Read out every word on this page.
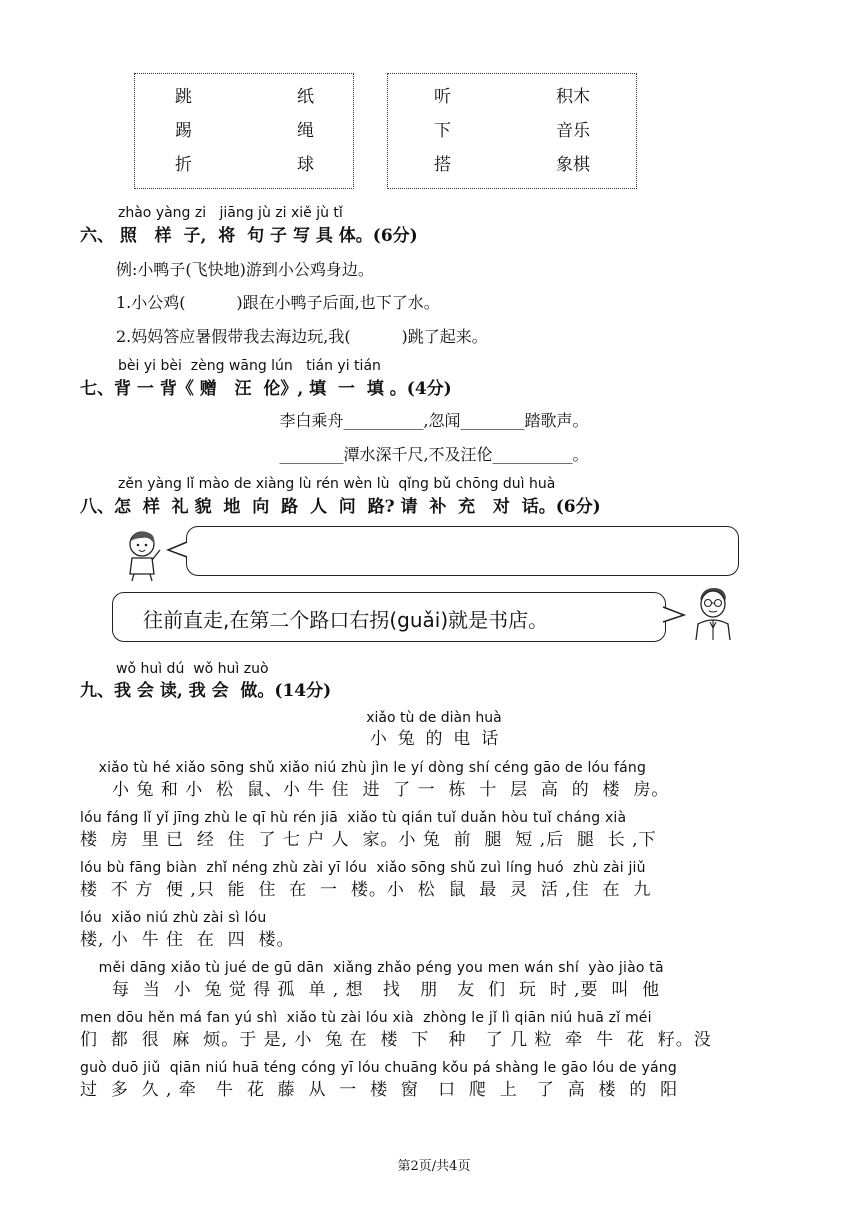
跳	纸
踢	绳
折	球
听	积木
下	音乐
搭	象棋
zhào yàng zi   jiāng jù zi xiě jù tǐ
六、 照   样  子,  将  句 子 写 具 体。(6分)
例:小鸭子(飞快地)游到小公鸡身边。
1.小公鸡(          )跟在小鸭子后面,也下了水。
2.妈妈答应暑假带我去海边玩,我(          )跳了起来。
bèi yi bèi  zèng wāng lún   tián yi tián
七、背 一 背《 赠   汪  伦》, 填  一  填 。(4分)
李白乘舟__________,忽闻________踏歌声。
________潭水深千尺,不及汪伦__________。
zěn yàng lǐ mào de xiàng lù rén wèn lù  qǐng bǔ chōng duì huà
八、怎  样  礼 貌  地  向  路  人  问  路? 请  补  充   对  话。(6分)
往前直走,在第二个路口右拐(guǎi)就是书店。
wǒ huì dú  wǒ huì zuò
九、我 会 读, 我 会  做。(14分)
xiǎo tù de diàn huà
小  兔  的  电  话
xiǎo tù hé xiǎo sōng shǔ xiǎo niú zhù jìn le yí dòng shí céng gāo de lóu fáng
小 兔 和 小  松  鼠、小 牛 住  进  了 一  栋  十  层  高  的  楼  房。
lóu fáng lǐ yǐ jīng zhù le qī hù rén jiā  xiǎo tù qián tuǐ duǎn hòu tuǐ cháng xià
楼  房  里 已  经  住  了 七 户 人  家。小 兔  前  腿  短 ,后  腿  长 ,下
lóu bù fāng biàn  zhǐ néng zhù zài yī lóu  xiǎo sōng shǔ zuì líng huó  zhù zài jiǔ
楼  不 方  便 ,只  能  住  在  一  楼。小  松  鼠  最  灵  活 ,住  在  九
lóu  xiǎo niú zhù zài sì lóu
楼, 小  牛 住  在  四  楼。
měi dāng xiǎo tù jué de gū dān  xiǎng zhǎo péng you men wán shí  yào jiào tā
每  当  小  兔 觉 得 孤  单 , 想   找   朋   友  们  玩  时 ,要  叫  他
men dōu hěn má fan yú shì  xiǎo tù zài lóu xià  zhòng le jǐ lì qiān niú huā zǐ méi
们  都  很  麻  烦。于 是, 小  兔 在  楼  下   种   了 几 粒  牵  牛  花  籽。没
guò duō jiǔ  qiān niú huā téng cóng yī lóu chuāng kǒu pá shàng le gāo lóu de yáng
过  多  久 , 牵   牛  花  藤  从  一  楼  窗   口  爬  上   了  高  楼  的  阳
第2页/共4页
